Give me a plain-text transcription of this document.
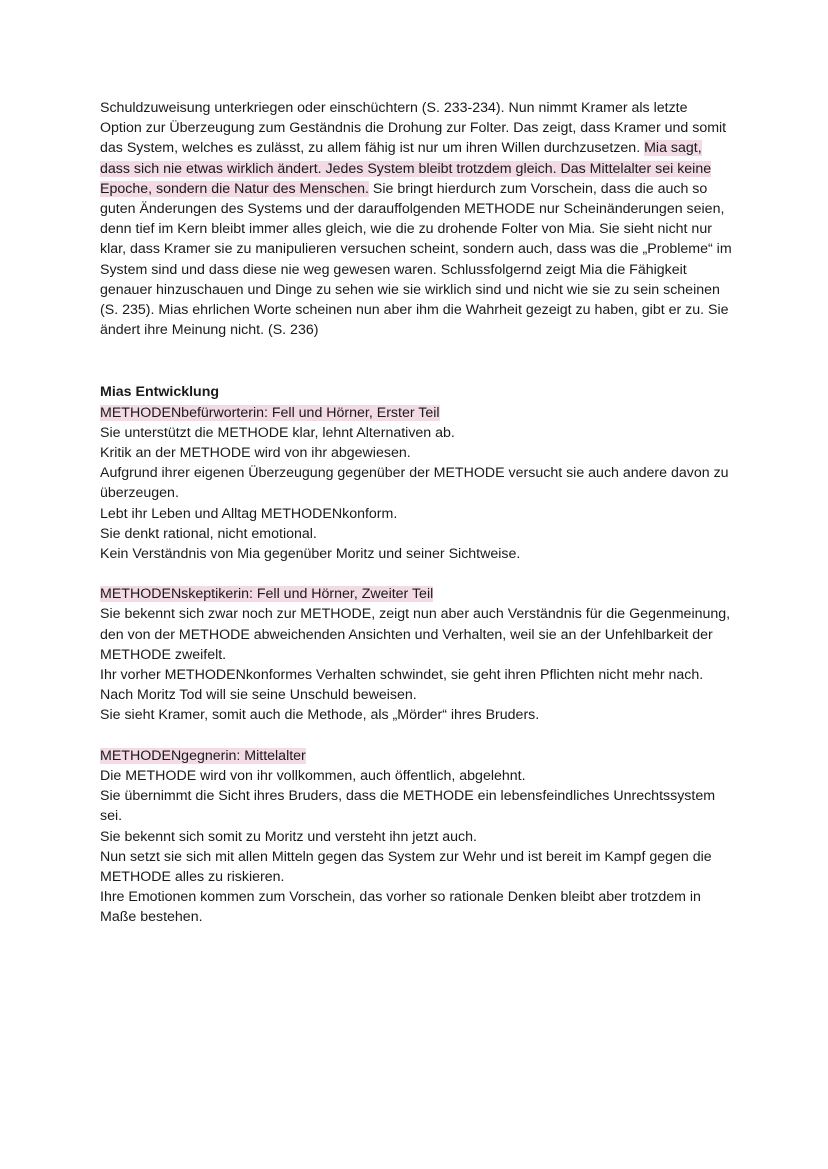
Schuldzuweisung unterkriegen oder einschüchtern (S. 233-234). Nun nimmt Kramer als letzte Option zur Überzeugung zum Geständnis die Drohung zur Folter. Das zeigt, dass Kramer und somit das System, welches es zulässt, zu allem fähig ist nur um ihren Willen durchzusetzen. Mia sagt, dass sich nie etwas wirklich ändert. Jedes System bleibt trotzdem gleich. Das Mittelalter sei keine Epoche, sondern die Natur des Menschen. Sie bringt hierdurch zum Vorschein, dass die auch so guten Änderungen des Systems und der darauffolgenden METHODE nur Scheinänderungen seien, denn tief im Kern bleibt immer alles gleich, wie die zu drohende Folter von Mia. Sie sieht nicht nur klar, dass Kramer sie zu manipulieren versuchen scheint, sondern auch, dass was die „Probleme“ im System sind und dass diese nie weg gewesen waren. Schlussfolgernd zeigt Mia die Fähigkeit genauer hinzuschauen und Dinge zu sehen wie sie wirklich sind und nicht wie sie zu sein scheinen (S. 235). Mias ehrlichen Worte scheinen nun aber ihm die Wahrheit gezeigt zu haben, gibt er zu. Sie ändert ihre Meinung nicht. (S. 236)

Mias Entwicklung
METHODENbefürworterin: Fell und Hörner, Erster Teil
Sie unterstützt die METHODE klar, lehnt Alternativen ab.
Kritik an der METHODE wird von ihr abgewiesen.
Aufgrund ihrer eigenen Überzeugung gegenüber der METHODE versucht sie auch andere davon zu überzeugen.
Lebt ihr Leben und Alltag METHODENkonform.
Sie denkt rational, nicht emotional.
Kein Verständnis von Mia gegenüber Moritz und seiner Sichtweise.
METHODENskeptikerin: Fell und Hörner, Zweiter Teil
Sie bekennt sich zwar noch zur METHODE, zeigt nun aber auch Verständnis für die Gegenmeinung, den von der METHODE abweichenden Ansichten und Verhalten, weil sie an der Unfehlbarkeit der METHODE zweifelt.
Ihr vorher METHODENkonformes Verhalten schwindet, sie geht ihren Pflichten nicht mehr nach.
Nach Moritz Tod will sie seine Unschuld beweisen.
Sie sieht Kramer, somit auch die Methode, als „Mörder“ ihres Bruders.
METHODENgegnerin: Mittelalter
Die METHODE wird von ihr vollkommen, auch öffentlich, abgelehnt.
Sie übernimmt die Sicht ihres Bruders, dass die METHODE ein lebensfeindliches Unrechtssystem sei.
Sie bekennt sich somit zu Moritz und versteht ihn jetzt auch.
Nun setzt sie sich mit allen Mitteln gegen das System zur Wehr und ist bereit im Kampf gegen die METHODE alles zu riskieren.
Ihre Emotionen kommen zum Vorschein, das vorher so rationale Denken bleibt aber trotzdem in Maße bestehen.
